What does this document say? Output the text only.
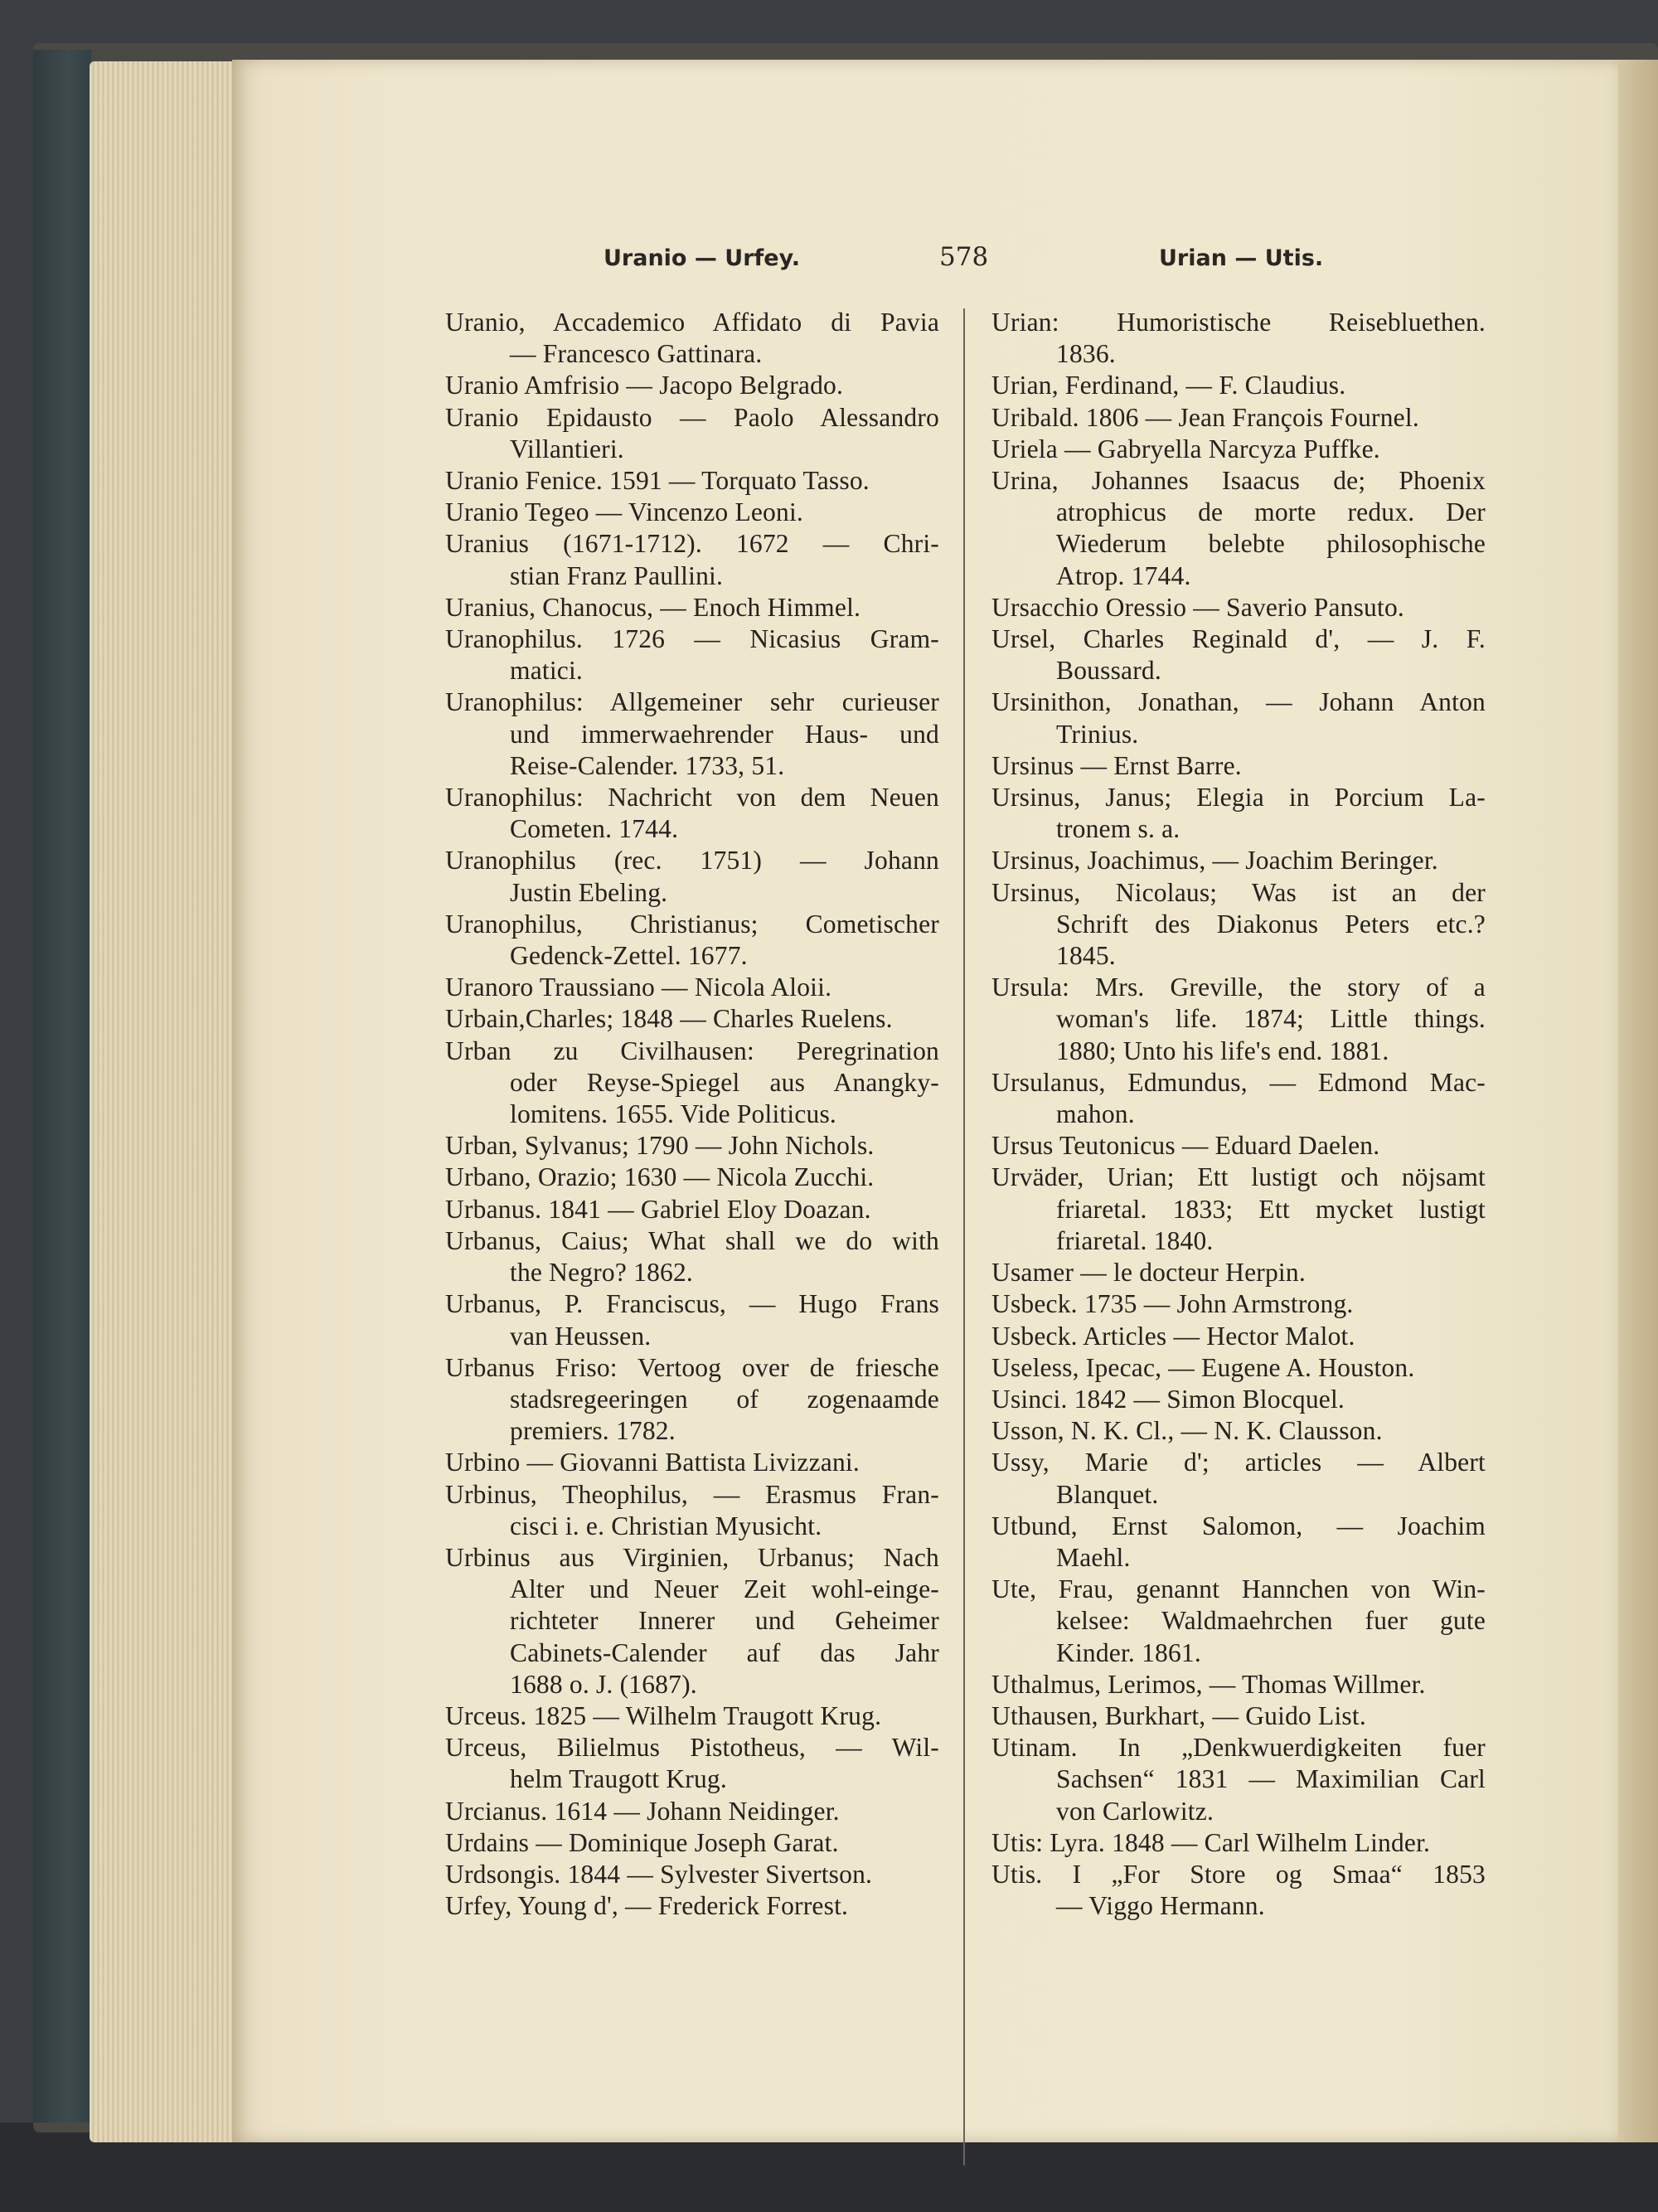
Uranio — Urfey.	578	Urian — Utis.
Uranio, Accademico Affidato di Pavia
— Francesco Gattinara.
Uranio Amfrisio — Jacopo Belgrado.
Uranio Epidausto — Paolo Alessandro
Villantieri.
Uranio Fenice. 1591 — Torquato Tasso.
Uranio Tegeo — Vincenzo Leoni.
Uranius (1671-1712). 1672 — Chri-
stian Franz Paullini.
Uranius, Chanocus, — Enoch Himmel.
Uranophilus. 1726 — Nicasius Gram-
matici.
Uranophilus: Allgemeiner sehr curieuser
und immerwaehrender Haus- und
Reise-Calender. 1733, 51.
Uranophilus: Nachricht von dem Neuen
Cometen. 1744.
Uranophilus (rec. 1751) — Johann
Justin Ebeling.
Uranophilus, Christianus; Cometischer
Gedenck-Zettel. 1677.
Uranoro Traussiano — Nicola Aloii.
Urbain,Charles; 1848 — Charles Ruelens.
Urban zu Civilhausen: Peregrination
oder Reyse-Spiegel aus Anangky-
lomitens. 1655. Vide Politicus.
Urban, Sylvanus; 1790 — John Nichols.
Urbano, Orazio; 1630 — Nicola Zucchi.
Urbanus. 1841 — Gabriel Eloy Doazan.
Urbanus, Caius; What shall we do with
the Negro? 1862.
Urbanus, P. Franciscus, — Hugo Frans
van Heussen.
Urbanus Friso: Vertoog over de friesche
stadsregeeringen of zogenaamde
premiers. 1782.
Urbino — Giovanni Battista Livizzani.
Urbinus, Theophilus, — Erasmus Fran-
cisci i. e. Christian Myusicht.
Urbinus aus Virginien, Urbanus; Nach
Alter und Neuer Zeit wohl-einge-
richteter Innerer und Geheimer
Cabinets-Calender auf das Jahr
1688 o. J. (1687).
Urceus. 1825 — Wilhelm Traugott Krug.
Urceus, Bilielmus Pistotheus, — Wil-
helm Traugott Krug.
Urcianus. 1614 — Johann Neidinger.
Urdains — Dominique Joseph Garat.
Urdsongis. 1844 — Sylvester Sivertson.
Urfey, Young d', — Frederick Forrest.
Urian: Humoristische Reisebluethen.
1836.
Urian, Ferdinand, — F. Claudius.
Uribald. 1806 — Jean François Fournel.
Uriela — Gabryella Narcyza Puffke.
Urina, Johannes Isaacus de; Phoenix
atrophicus de morte redux. Der
Wiederum belebte philosophische
Atrop. 1744.
Ursacchio Oressio — Saverio Pansuto.
Ursel, Charles Reginald d', — J. F.
Boussard.
Ursinithon, Jonathan, — Johann Anton
Trinius.
Ursinus — Ernst Barre.
Ursinus, Janus; Elegia in Porcium La-
tronem s. a.
Ursinus, Joachimus, — Joachim Beringer.
Ursinus, Nicolaus; Was ist an der
Schrift des Diakonus Peters etc.?
1845.
Ursula: Mrs. Greville, the story of a
woman's life. 1874; Little things.
1880; Unto his life's end. 1881.
Ursulanus, Edmundus, — Edmond Mac-
mahon.
Ursus Teutonicus — Eduard Daelen.
Urväder, Urian; Ett lustigt och nöjsamt
friaretal. 1833; Ett mycket lustigt
friaretal. 1840.
Usamer — le docteur Herpin.
Usbeck. 1735 — John Armstrong.
Usbeck. Articles — Hector Malot.
Useless, Ipecac, — Eugene A. Houston.
Usinci. 1842 — Simon Blocquel.
Usson, N. K. Cl., — N. K. Clausson.
Ussy, Marie d'; articles — Albert
Blanquet.
Utbund, Ernst Salomon, — Joachim
Maehl.
Ute, Frau, genannt Hannchen von Win-
kelsee: Waldmaehrchen fuer gute
Kinder. 1861.
Uthalmus, Lerimos, — Thomas Willmer.
Uthausen, Burkhart, — Guido List.
Utinam. In „Denkwuerdigkeiten fuer
Sachsen“ 1831 — Maximilian Carl
von Carlowitz.
Utis: Lyra. 1848 — Carl Wilhelm Linder.
Utis. I „For Store og Smaa“ 1853
— Viggo Hermann.
